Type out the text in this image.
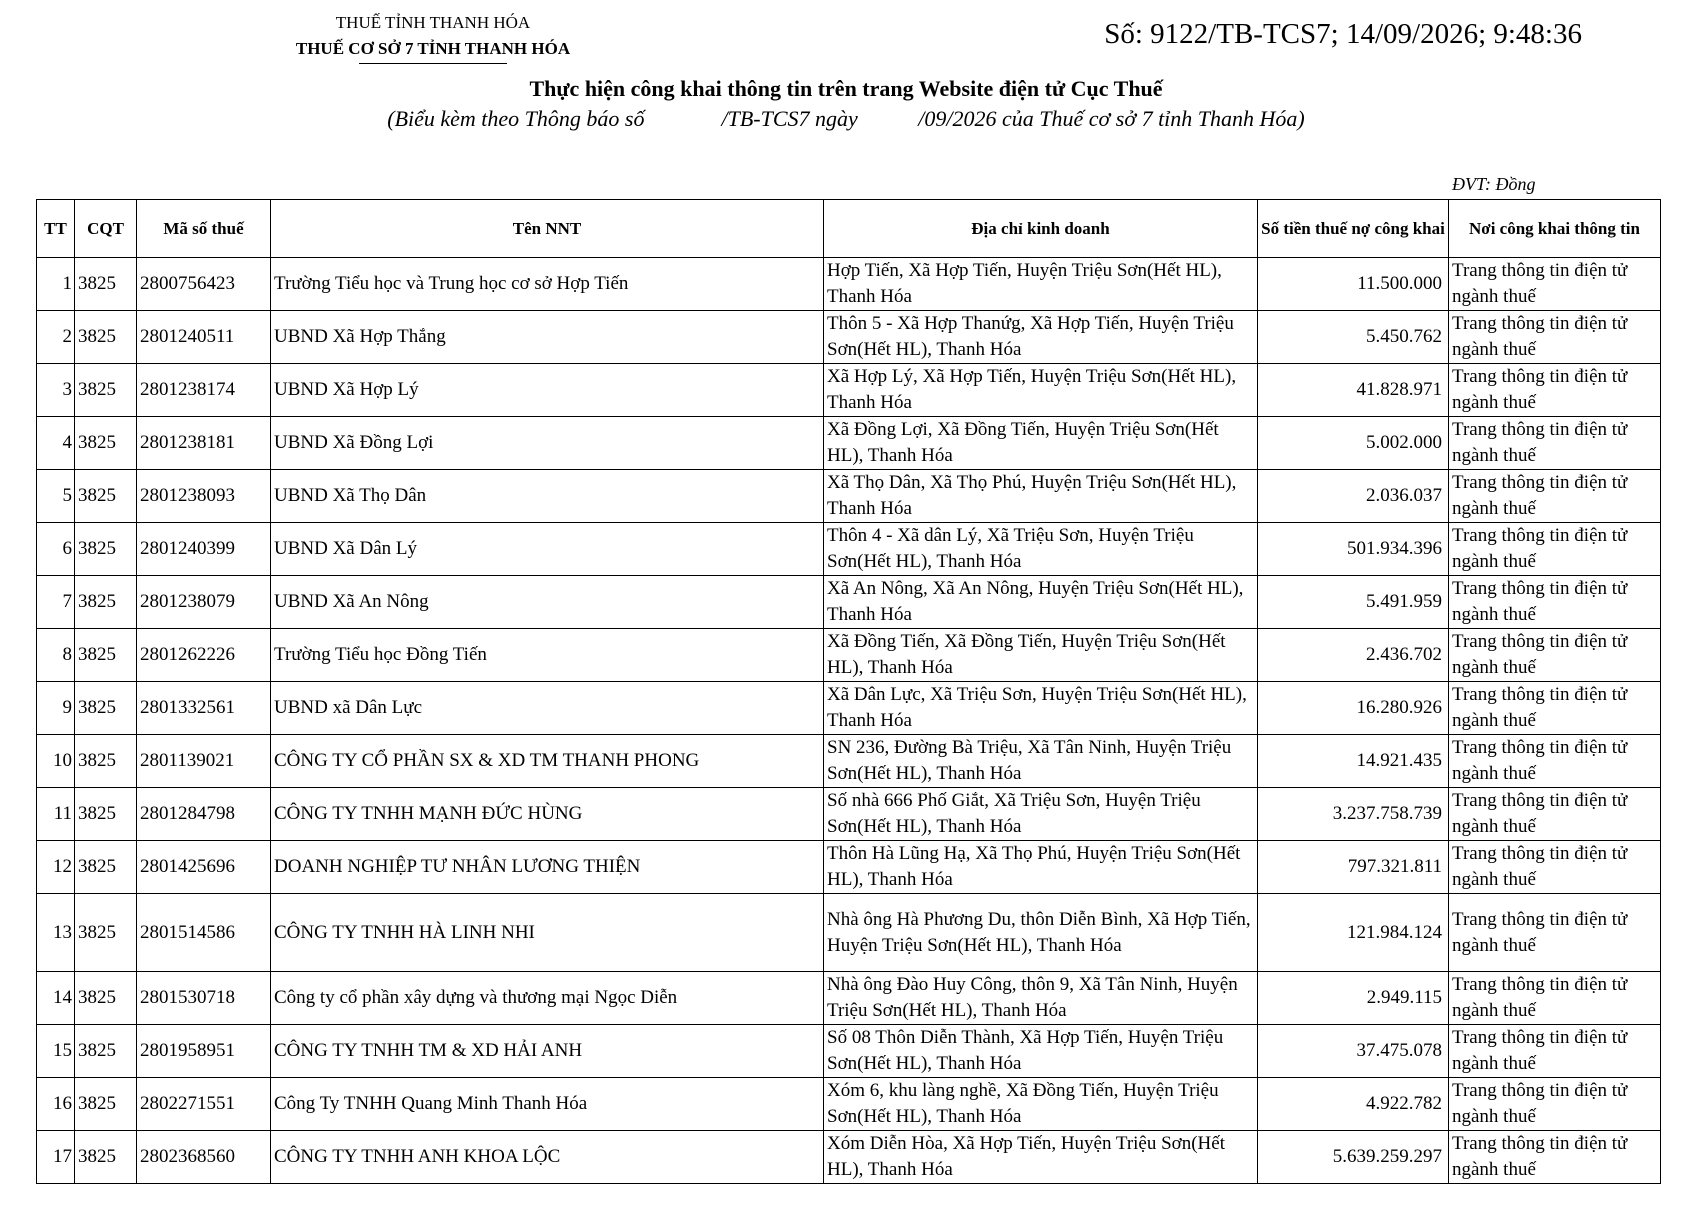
THUẾ TỈNH THANH HÓA
THUẾ CƠ SỞ 7 TỈNH THANH HÓA	Số: 9122/TB-TCS7; 14/09/2026; 9:48:36
Thực hiện công khai thông tin trên trang Website điện tử Cục Thuế
(Biểu kèm theo Thông báo số              /TB-TCS7 ngày           /09/2026 của Thuế cơ sở 7 tỉnh Thanh Hóa)
ĐVT: Đồng
TT	CQT	Mã số thuế	Tên NNT	Địa chỉ kinh doanh	Số tiền thuế nợ công khai	Nơi công khai thông tin
1	3825	2800756423	Trường Tiểu học và Trung học cơ sở Hợp Tiến	Hợp Tiến, Xã Hợp Tiến, Huyện Triệu Sơn(Hết HL), Thanh Hóa	11.500.000	Trang thông tin điện tử ngành thuế
2	3825	2801240511	UBND Xã Hợp Thắng	Thôn 5 - Xã Hợp Thanứg, Xã Hợp Tiến, Huyện Triệu Sơn(Hết HL), Thanh Hóa	5.450.762	Trang thông tin điện tử ngành thuế
3	3825	2801238174	UBND Xã Hợp Lý	Xã Hợp Lý, Xã Hợp Tiến, Huyện Triệu Sơn(Hết HL), Thanh Hóa	41.828.971	Trang thông tin điện tử ngành thuế
4	3825	2801238181	UBND Xã Đồng Lợi	Xã Đồng Lợi, Xã Đồng Tiến, Huyện Triệu Sơn(Hết HL), Thanh Hóa	5.002.000	Trang thông tin điện tử ngành thuế
5	3825	2801238093	UBND Xã Thọ Dân	Xã Thọ Dân, Xã Thọ Phú, Huyện Triệu Sơn(Hết HL), Thanh Hóa	2.036.037	Trang thông tin điện tử ngành thuế
6	3825	2801240399	UBND Xã Dân Lý	Thôn 4 - Xã dân Lý, Xã Triệu Sơn, Huyện Triệu Sơn(Hết HL), Thanh Hóa	501.934.396	Trang thông tin điện tử ngành thuế
7	3825	2801238079	UBND Xã An Nông	Xã An Nông, Xã An Nông, Huyện Triệu Sơn(Hết HL), Thanh Hóa	5.491.959	Trang thông tin điện tử ngành thuế
8	3825	2801262226	Trường Tiểu học Đồng Tiến	Xã Đồng Tiến, Xã Đồng Tiến, Huyện Triệu Sơn(Hết HL), Thanh Hóa	2.436.702	Trang thông tin điện tử ngành thuế
9	3825	2801332561	UBND xã Dân Lực	Xã Dân Lực, Xã Triệu Sơn, Huyện Triệu Sơn(Hết HL), Thanh Hóa	16.280.926	Trang thông tin điện tử ngành thuế
10	3825	2801139021	CÔNG TY CỔ PHẦN SX & XD TM THANH PHONG	SN 236, Đường Bà Triệu, Xã Tân Ninh, Huyện Triệu Sơn(Hết HL), Thanh Hóa	14.921.435	Trang thông tin điện tử ngành thuế
11	3825	2801284798	CÔNG TY TNHH MẠNH ĐỨC HÙNG	Số nhà 666 Phố Giắt, Xã Triệu Sơn, Huyện Triệu Sơn(Hết HL), Thanh Hóa	3.237.758.739	Trang thông tin điện tử ngành thuế
12	3825	2801425696	DOANH NGHIỆP TƯ NHÂN LƯƠNG THIỆN	Thôn Hà Lũng Hạ, Xã Thọ Phú, Huyện Triệu Sơn(Hết HL), Thanh Hóa	797.321.811	Trang thông tin điện tử ngành thuế
13	3825	2801514586	CÔNG TY TNHH HÀ LINH NHI	Nhà ông Hà Phương Du, thôn Diễn Bình, Xã Hợp Tiến, Huyện Triệu Sơn(Hết HL), Thanh Hóa	121.984.124	Trang thông tin điện tử ngành thuế
14	3825	2801530718	Công ty cổ phần xây dựng và thương mại Ngọc Diễn	Nhà ông Đào Huy Công, thôn 9, Xã Tân Ninh, Huyện Triệu Sơn(Hết HL), Thanh Hóa	2.949.115	Trang thông tin điện tử ngành thuế
15	3825	2801958951	CÔNG TY TNHH TM & XD HẢI ANH	Số 08 Thôn Diễn Thành, Xã Hợp Tiến, Huyện Triệu Sơn(Hết HL), Thanh Hóa	37.475.078	Trang thông tin điện tử ngành thuế
16	3825	2802271551	Công Ty TNHH Quang Minh Thanh Hóa	Xóm 6, khu làng nghề, Xã Đồng Tiến, Huyện Triệu Sơn(Hết HL), Thanh Hóa	4.922.782	Trang thông tin điện tử ngành thuế
17	3825	2802368560	CÔNG TY TNHH ANH KHOA LỘC	Xóm Diễn Hòa, Xã Hợp Tiến, Huyện Triệu Sơn(Hết HL), Thanh Hóa	5.639.259.297	Trang thông tin điện tử ngành thuế
